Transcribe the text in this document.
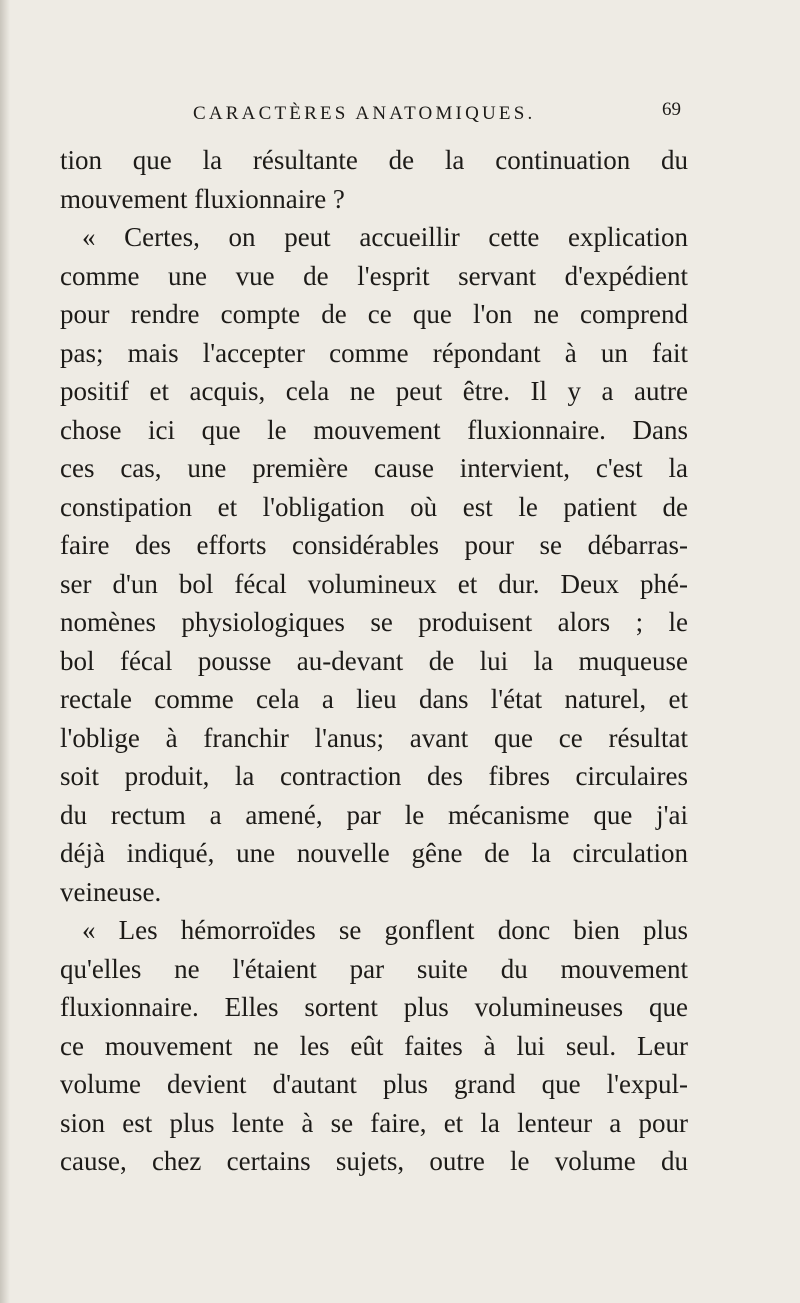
CARACTÈRES ANATOMIQUES.	69
tion que la résultante de la continuation du
mouvement fluxionnaire ?
« Certes, on peut accueillir cette explication
comme une vue de l'esprit servant d'expédient
pour rendre compte de ce que l'on ne comprend
pas; mais l'accepter comme répondant à un fait
positif et acquis, cela ne peut être. Il y a autre
chose ici que le mouvement fluxionnaire. Dans
ces cas, une première cause intervient, c'est la
constipation et l'obligation où est le patient de
faire des efforts considérables pour se débarras-
ser d'un bol fécal volumineux et dur. Deux phé-
nomènes physiologiques se produisent alors ; le
bol fécal pousse au-devant de lui la muqueuse
rectale comme cela a lieu dans l'état naturel, et
l'oblige à franchir l'anus; avant que ce résultat
soit produit, la contraction des fibres circulaires
du rectum a amené, par le mécanisme que j'ai
déjà indiqué, une nouvelle gêne de la circulation
veineuse.
« Les hémorroïdes se gonflent donc bien plus
qu'elles ne l'étaient par suite du mouvement
fluxionnaire. Elles sortent plus volumineuses que
ce mouvement ne les eût faites à lui seul. Leur
volume devient d'autant plus grand que l'expul-
sion est plus lente à se faire, et la lenteur a pour
cause, chez certains sujets, outre le volume du
